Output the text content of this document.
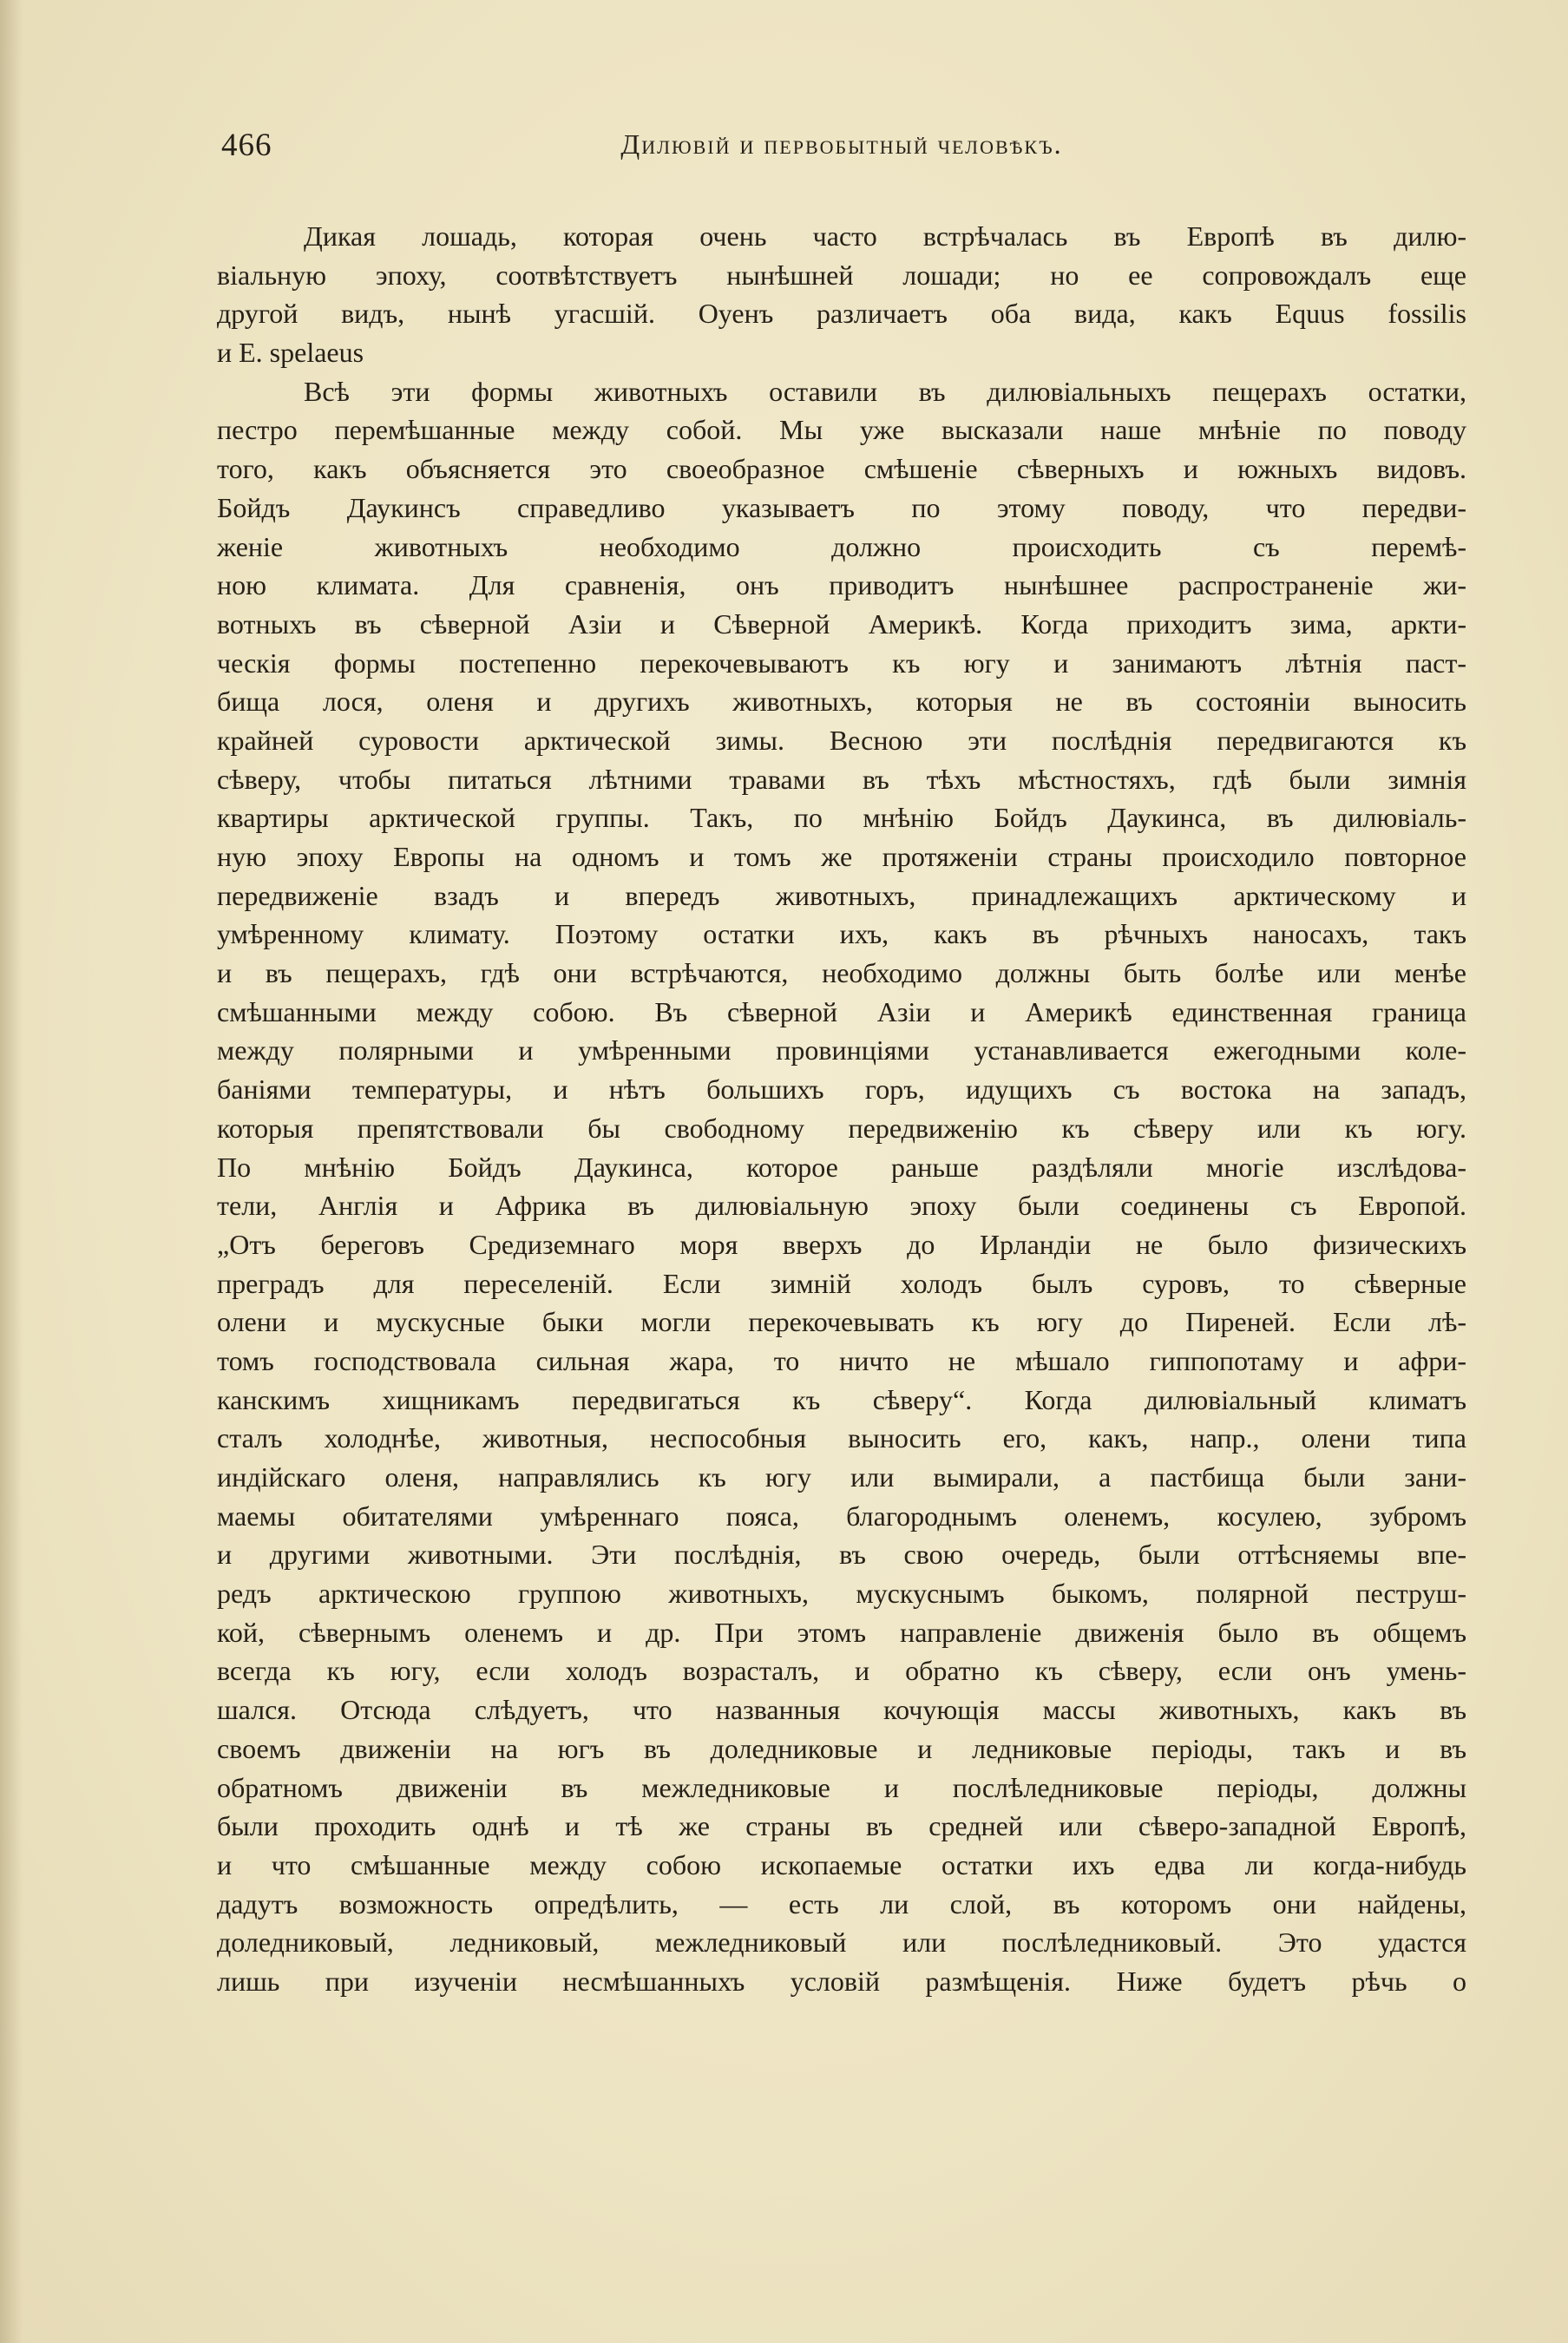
466	Дилювій и первобытный человѣкъ.
Дикая лошадь, которая очень часто встрѣчалась въ Европѣ въ дилю-
віальную эпоху, соотвѣтствуетъ нынѣшней лошади; но ее сопровождалъ еще
другой видъ, нынѣ угасшій. Оуенъ различаетъ оба вида, какъ Equus fossilis
и E. spelaeus
Всѣ эти формы животныхъ оставили въ дилювіальныхъ пещерахъ остатки,
пестро перемѣшанные между собой. Мы уже высказали наше мнѣніе по поводу
того, какъ объясняется это своеобразное смѣшеніе сѣверныхъ и южныхъ видовъ.
Бойдъ Даукинсъ справедливо указываетъ по этому поводу, что передви-
женіе животныхъ необходимо должно происходить съ перемѣ-
ною климата. Для сравненія, онъ приводитъ нынѣшнее распространеніе жи-
вотныхъ въ сѣверной Азіи и Сѣверной Америкѣ. Когда приходитъ зима, аркти-
ческія формы постепенно перекочевываютъ къ югу и занимаютъ лѣтнія паст-
бища лося, оленя и другихъ животныхъ, которыя не въ состояніи выносить
крайней суровости арктической зимы. Весною эти послѣднія передвигаются къ
сѣверу, чтобы питаться лѣтними травами въ тѣхъ мѣстностяхъ, гдѣ были зимнія
квартиры арктической группы. Такъ, по мнѣнію Бойдъ Даукинса, въ дилювіаль-
ную эпоху Европы на одномъ и томъ же протяженіи страны происходило повторное
передвиженіе взадъ и впередъ животныхъ, принадлежащихъ арктическому и
умѣренному климату. Поэтому остатки ихъ, какъ въ рѣчныхъ наносахъ, такъ
и въ пещерахъ, гдѣ они встрѣчаются, необходимо должны быть болѣе или менѣе
смѣшанными между собою. Въ сѣверной Азіи и Америкѣ единственная граница
между полярными и умѣренными провинціями устанавливается ежегодными коле-
баніями температуры, и нѣтъ большихъ горъ, идущихъ съ востока на западъ,
которыя препятствовали бы свободному передвиженію къ сѣверу или къ югу.
По мнѣнію Бойдъ Даукинса, которое раньше раздѣляли многіе изслѣдова-
тели, Англія и Африка въ дилювіальную эпоху были соединены съ Европой.
„Отъ береговъ Средиземнаго моря вверхъ до Ирландіи не было физическихъ
преградъ для переселеній. Если зимній холодъ былъ суровъ, то сѣверные
олени и мускусные быки могли перекочевывать къ югу до Пиреней. Если лѣ-
томъ господствовала сильная жара, то ничто не мѣшало гиппопотаму и афри-
канскимъ хищникамъ передвигаться къ сѣверу“. Когда дилювіальный климатъ
сталъ холоднѣе, животныя, неспособныя выносить его, какъ, напр., олени типа
индійскаго оленя, направлялись къ югу или вымирали, а пастбища были зани-
маемы обитателями умѣреннаго пояса, благороднымъ оленемъ, косулею, зубромъ
и другими животными. Эти послѣднія, въ свою очередь, были оттѣсняемы впе-
редъ арктическою группою животныхъ, мускуснымъ быкомъ, полярной пеструш-
кой, сѣвернымъ оленемъ и др. При этомъ направленіе движенія было въ общемъ
всегда къ югу, если холодъ возрасталъ, и обратно къ сѣверу, если онъ умень-
шался. Отсюда слѣдуетъ, что названныя кочующія массы животныхъ, какъ въ
своемъ движеніи на югъ въ доледниковые и ледниковые періоды, такъ и въ
обратномъ движеніи въ межледниковые и послѣледниковые періоды, должны
были проходить однѣ и тѣ же страны въ средней или сѣверо-западной Европѣ,
и что смѣшанные между собою ископаемые остатки ихъ едва ли когда-нибудь
дадутъ возможность опредѣлить, — есть ли слой, въ которомъ они найдены,
доледниковый, ледниковый, межледниковый или послѣледниковый. Это удастся
лишь при изученіи несмѣшанныхъ условій размѣщенія. Ниже будетъ рѣчь о
